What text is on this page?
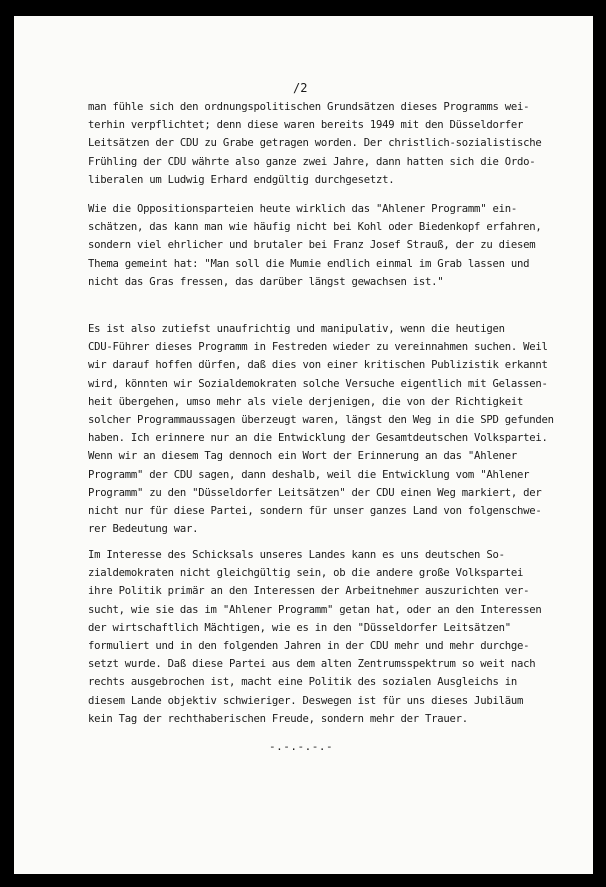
/2
man fühle sich den ordnungspolitischen Grundsätzen dieses Programms wei-
terhin verpflichtet; denn diese waren bereits 1949 mit den Düsseldorfer
Leitsätzen der CDU zu Grabe getragen worden. Der christlich-sozialistische
Frühling der CDU währte also ganze zwei Jahre, dann hatten sich die Ordo-
liberalen um Ludwig Erhard endgültig durchgesetzt.
Wie die Oppositionsparteien heute wirklich das "Ahlener Programm" ein-
schätzen, das kann man wie häufig nicht bei Kohl oder Biedenkopf erfahren,
sondern viel ehrlicher und brutaler bei Franz Josef Strauß, der zu diesem
Thema gemeint hat: "Man soll die Mumie endlich einmal im Grab lassen und
nicht das Gras fressen, das darüber längst gewachsen ist."
Es ist also zutiefst unaufrichtig und manipulativ, wenn die heutigen
CDU-Führer dieses Programm in Festreden wieder zu vereinnahmen suchen. Weil
wir darauf hoffen dürfen, daß dies von einer kritischen Publizistik erkannt
wird, könnten wir Sozialdemokraten solche Versuche eigentlich mit Gelassen-
heit übergehen, umso mehr als viele derjenigen, die von der Richtigkeit
solcher Programmaussagen überzeugt waren, längst den Weg in die SPD gefunden
haben. Ich erinnere nur an die Entwicklung der Gesamtdeutschen Volkspartei.
Wenn wir an diesem Tag dennoch ein Wort der Erinnerung an das "Ahlener
Programm" der CDU sagen, dann deshalb, weil die Entwicklung vom "Ahlener
Programm" zu den "Düsseldorfer Leitsätzen" der CDU einen Weg markiert, der
nicht nur für diese Partei, sondern für unser ganzes Land von folgenschwe-
rer Bedeutung war.
Im Interesse des Schicksals unseres Landes kann es uns deutschen So-
zialdemokraten nicht gleichgültig sein, ob die andere große Volkspartei
ihre Politik primär an den Interessen der Arbeitnehmer auszurichten ver-
sucht, wie sie das im "Ahlener Programm" getan hat, oder an den Interessen
der wirtschaftlich Mächtigen, wie es in den "Düsseldorfer Leitsätzen"
formuliert und in den folgenden Jahren in der CDU mehr und mehr durchge-
setzt wurde. Daß diese Partei aus dem alten Zentrumsspektrum so weit nach
rechts ausgebrochen ist, macht eine Politik des sozialen Ausgleichs in
diesem Lande objektiv schwieriger. Deswegen ist für uns dieses Jubiläum
kein Tag der rechthaberischen Freude, sondern mehr der Trauer.
-.-.-.-.-
